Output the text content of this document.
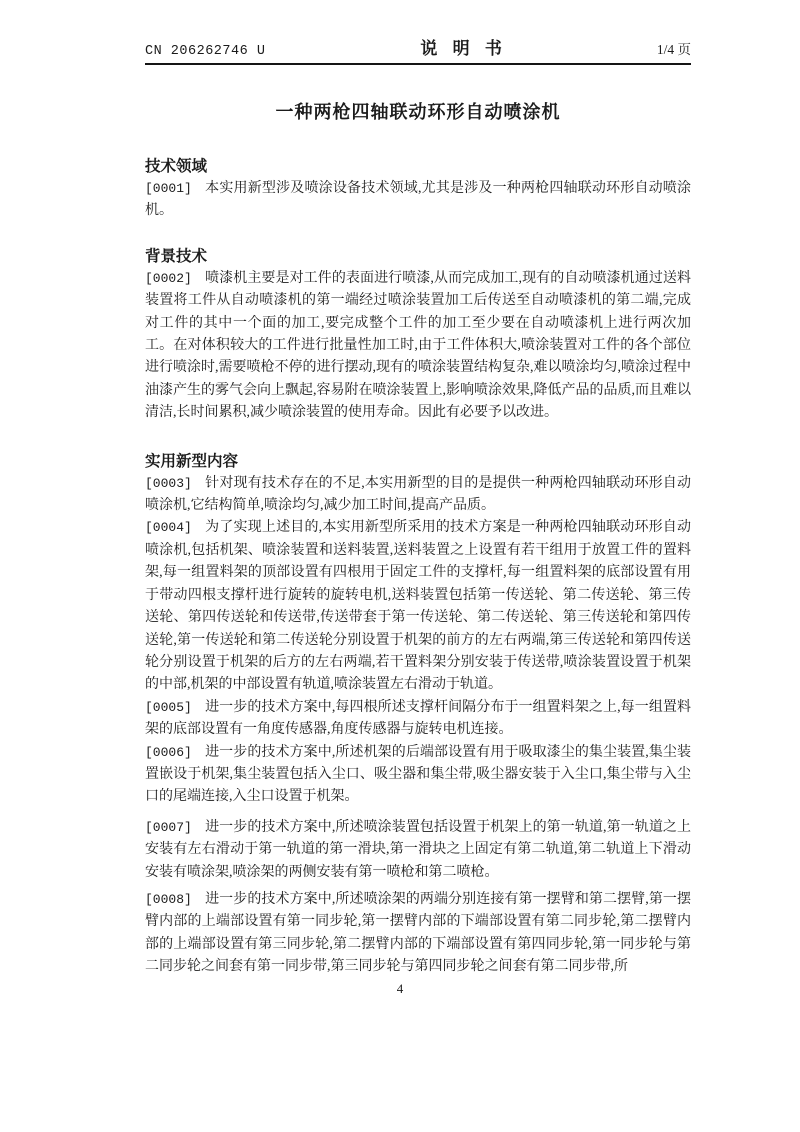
CN 206262746 U	说明书	1/4 页
一种两枪四轴联动环形自动喷涂机
技术领域

[0001] 本实用新型涉及喷涂设备技术领域,尤其是涉及一种两枪四轴联动环形自动喷涂机。

背景技术

[0002] 喷漆机主要是对工件的表面进行喷漆,从而完成加工,现有的自动喷漆机通过送料装置将工件从自动喷漆机的第一端经过喷涂装置加工后传送至自动喷漆机的第二端,完成对工件的其中一个面的加工,要完成整个工件的加工至少要在自动喷漆机上进行两次加工。在对体积较大的工件进行批量性加工时,由于工件体积大,喷涂装置对工件的各个部位进行喷涂时,需要喷枪不停的进行摆动,现有的喷涂装置结构复杂,难以喷涂均匀,喷涂过程中油漆产生的雾气会向上飘起,容易附在喷涂装置上,影响喷涂效果,降低产品的品质,而且难以清洁,长时间累积,减少喷涂装置的使用寿命。因此有必要予以改进。

实用新型内容

[0003] 针对现有技术存在的不足,本实用新型的目的是提供一种两枪四轴联动环形自动喷涂机,它结构简单,喷涂均匀,减少加工时间,提高产品质。

[0004] 为了实现上述目的,本实用新型所采用的技术方案是一种两枪四轴联动环形自动喷涂机,包括机架、喷涂装置和送料装置,送料装置之上设置有若干组用于放置工件的置料架,每一组置料架的顶部设置有四根用于固定工件的支撑杆,每一组置料架的底部设置有用于带动四根支撑杆进行旋转的旋转电机,送料装置包括第一传送轮、第二传送轮、第三传送轮、第四传送轮和传送带,传送带套于第一传送轮、第二传送轮、第三传送轮和第四传送轮,第一传送轮和第二传送轮分别设置于机架的前方的左右两端,第三传送轮和第四传送轮分别设置于机架的后方的左右两端,若干置料架分别安装于传送带,喷涂装置设置于机架的中部,机架的中部设置有轨道,喷涂装置左右滑动于轨道。

[0005] 进一步的技术方案中,每四根所述支撑杆间隔分布于一组置料架之上,每一组置料架的底部设置有一角度传感器,角度传感器与旋转电机连接。

[0006] 进一步的技术方案中,所述机架的后端部设置有用于吸取漆尘的集尘装置,集尘装置嵌设于机架,集尘装置包括入尘口、吸尘器和集尘带,吸尘器安装于入尘口,集尘带与入尘口的尾端连接,入尘口设置于机架。

[0007] 进一步的技术方案中,所述喷涂装置包括设置于机架上的第一轨道,第一轨道之上安装有左右滑动于第一轨道的第一滑块,第一滑块之上固定有第二轨道,第二轨道上下滑动安装有喷涂架,喷涂架的两侧安装有第一喷枪和第二喷枪。

[0008] 进一步的技术方案中,所述喷涂架的两端分别连接有第一摆臂和第二摆臂,第一摆臂内部的上端部设置有第一同步轮,第一摆臂内部的下端部设置有第二同步轮,第二摆臂内部的上端部设置有第三同步轮,第二摆臂内部的下端部设置有第四同步轮,第一同步轮与第二同步轮之间套有第一同步带,第三同步轮与第四同步轮之间套有第二同步带,所

4
